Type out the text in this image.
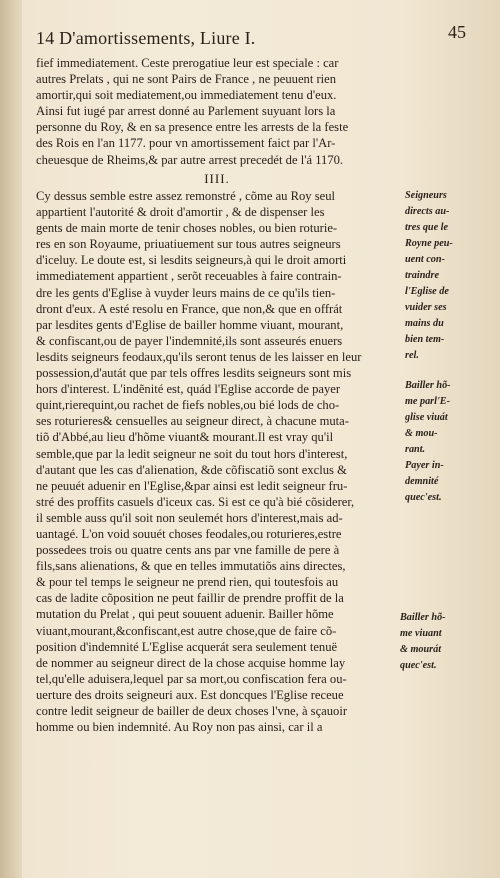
14 D'amortissements, Liure I.	45
fief immediatement. Ceste prerogatiue leur est speciale : car
autres Prelats , qui ne sont Pairs de France , ne peuuent rien
amortir,qui soit mediatement,ou immediatement tenu d'eux.
Ainsi fut iugé par arrest donné au Parlement suyuant lors la
personne du Roy, & en sa presence entre les arrests de la feste
des Rois en l'an 1177. pour vn amortissement faict par l'Ar-
cheuesque de Rheims,& par autre arrest precedét de l'á 1170.
IIII.
Cy dessus semble estre assez remonstré , cõme au Roy seul
appartient l'autorité & droit d'amortir , & de dispenser les
gents de main morte de tenir choses nobles, ou bien roturie-
res en son Royaume, priuatiuement sur tous autres seigneurs
d'iceluy. Le doute est, si lesdits seigneurs,à qui le droit amorti
immediatement appartient , serõt receuables à faire contrain-
dre les gents d'Eglise à vuyder leurs mains de ce qu'ils tien-
dront d'eux. A esté resolu en France, que non,& que en offrát
par lesdites gents d'Eglise de bailler homme viuant, mourant,
& confiscant,ou de payer l'indemnité,ils sont asseurés enuers
lesdits seigneurs feodaux,qu'ils seront tenus de les laisser en leur
possession,d'autát que par tels offres lesdits seigneurs sont mis
hors d'interest. L'indẽnité est, quád l'Eglise accorde de payer
quint,rierequint,ou rachet de fiefs nobles,ou bié lods de cho-
ses roturieres& censuelles au seigneur direct, à chacune muta-
tiõ d'Abbé,au lieu d'hõme viuant& mourant.Il est vray qu'il
semble,que par la ledit seigneur ne soit du tout hors d'interest,
d'autant que les cas d'alienation, &de cõfiscatiõ sont exclus &
ne peuuét aduenir en l'Eglise,&par ainsi est ledit seigneur fru-
stré des proffits casuels d'iceux cas. Si est ce qu'à bié cõsiderer,
il semble auss qu'il soit non seulemét hors d'interest,mais ad-
uantagé. L'on void souuét choses feodales,ou roturieres,estre
possedees trois ou quatre cents ans par vne famille de pere à
fils,sans alienations, & que en telles immutatiõs ains directes,
& pour tel temps le seigneur ne prend rien, qui toutesfois au
cas de ladite cõposition ne peut faillir de prendre proffit de la
mutation du Prelat , qui peut souuent aduenir. Bailler hõme
viuant,mourant,&confiscant,est autre chose,que de faire cõ-
position d'indemnité L'Eglise acquerát sera seulement tenuë
de nommer au seigneur direct de la chose acquise homme lay
tel,qu'elle aduisera,lequel par sa mort,ou confiscation fera ou-
uerture des droits seigneuri aux. Est doncques l'Eglise receue
contre ledit seigneur de bailler de deux choses l'vne, à sçauoir
homme ou bien indemnité. Au Roy non pas ainsi, car il a
Seigneurs
directs au-
tres que le
Royne peu-
uent con-
traindre
l'Eglise de
vuider ses
mains du
bien tem-
rel.
Bailler hõ-
me parl'E-
glise viuát
& mou-
rant.
Payer in-
demnité
quec'est.
Bailler hõ-
me viuant
& mourát
quec'est.
